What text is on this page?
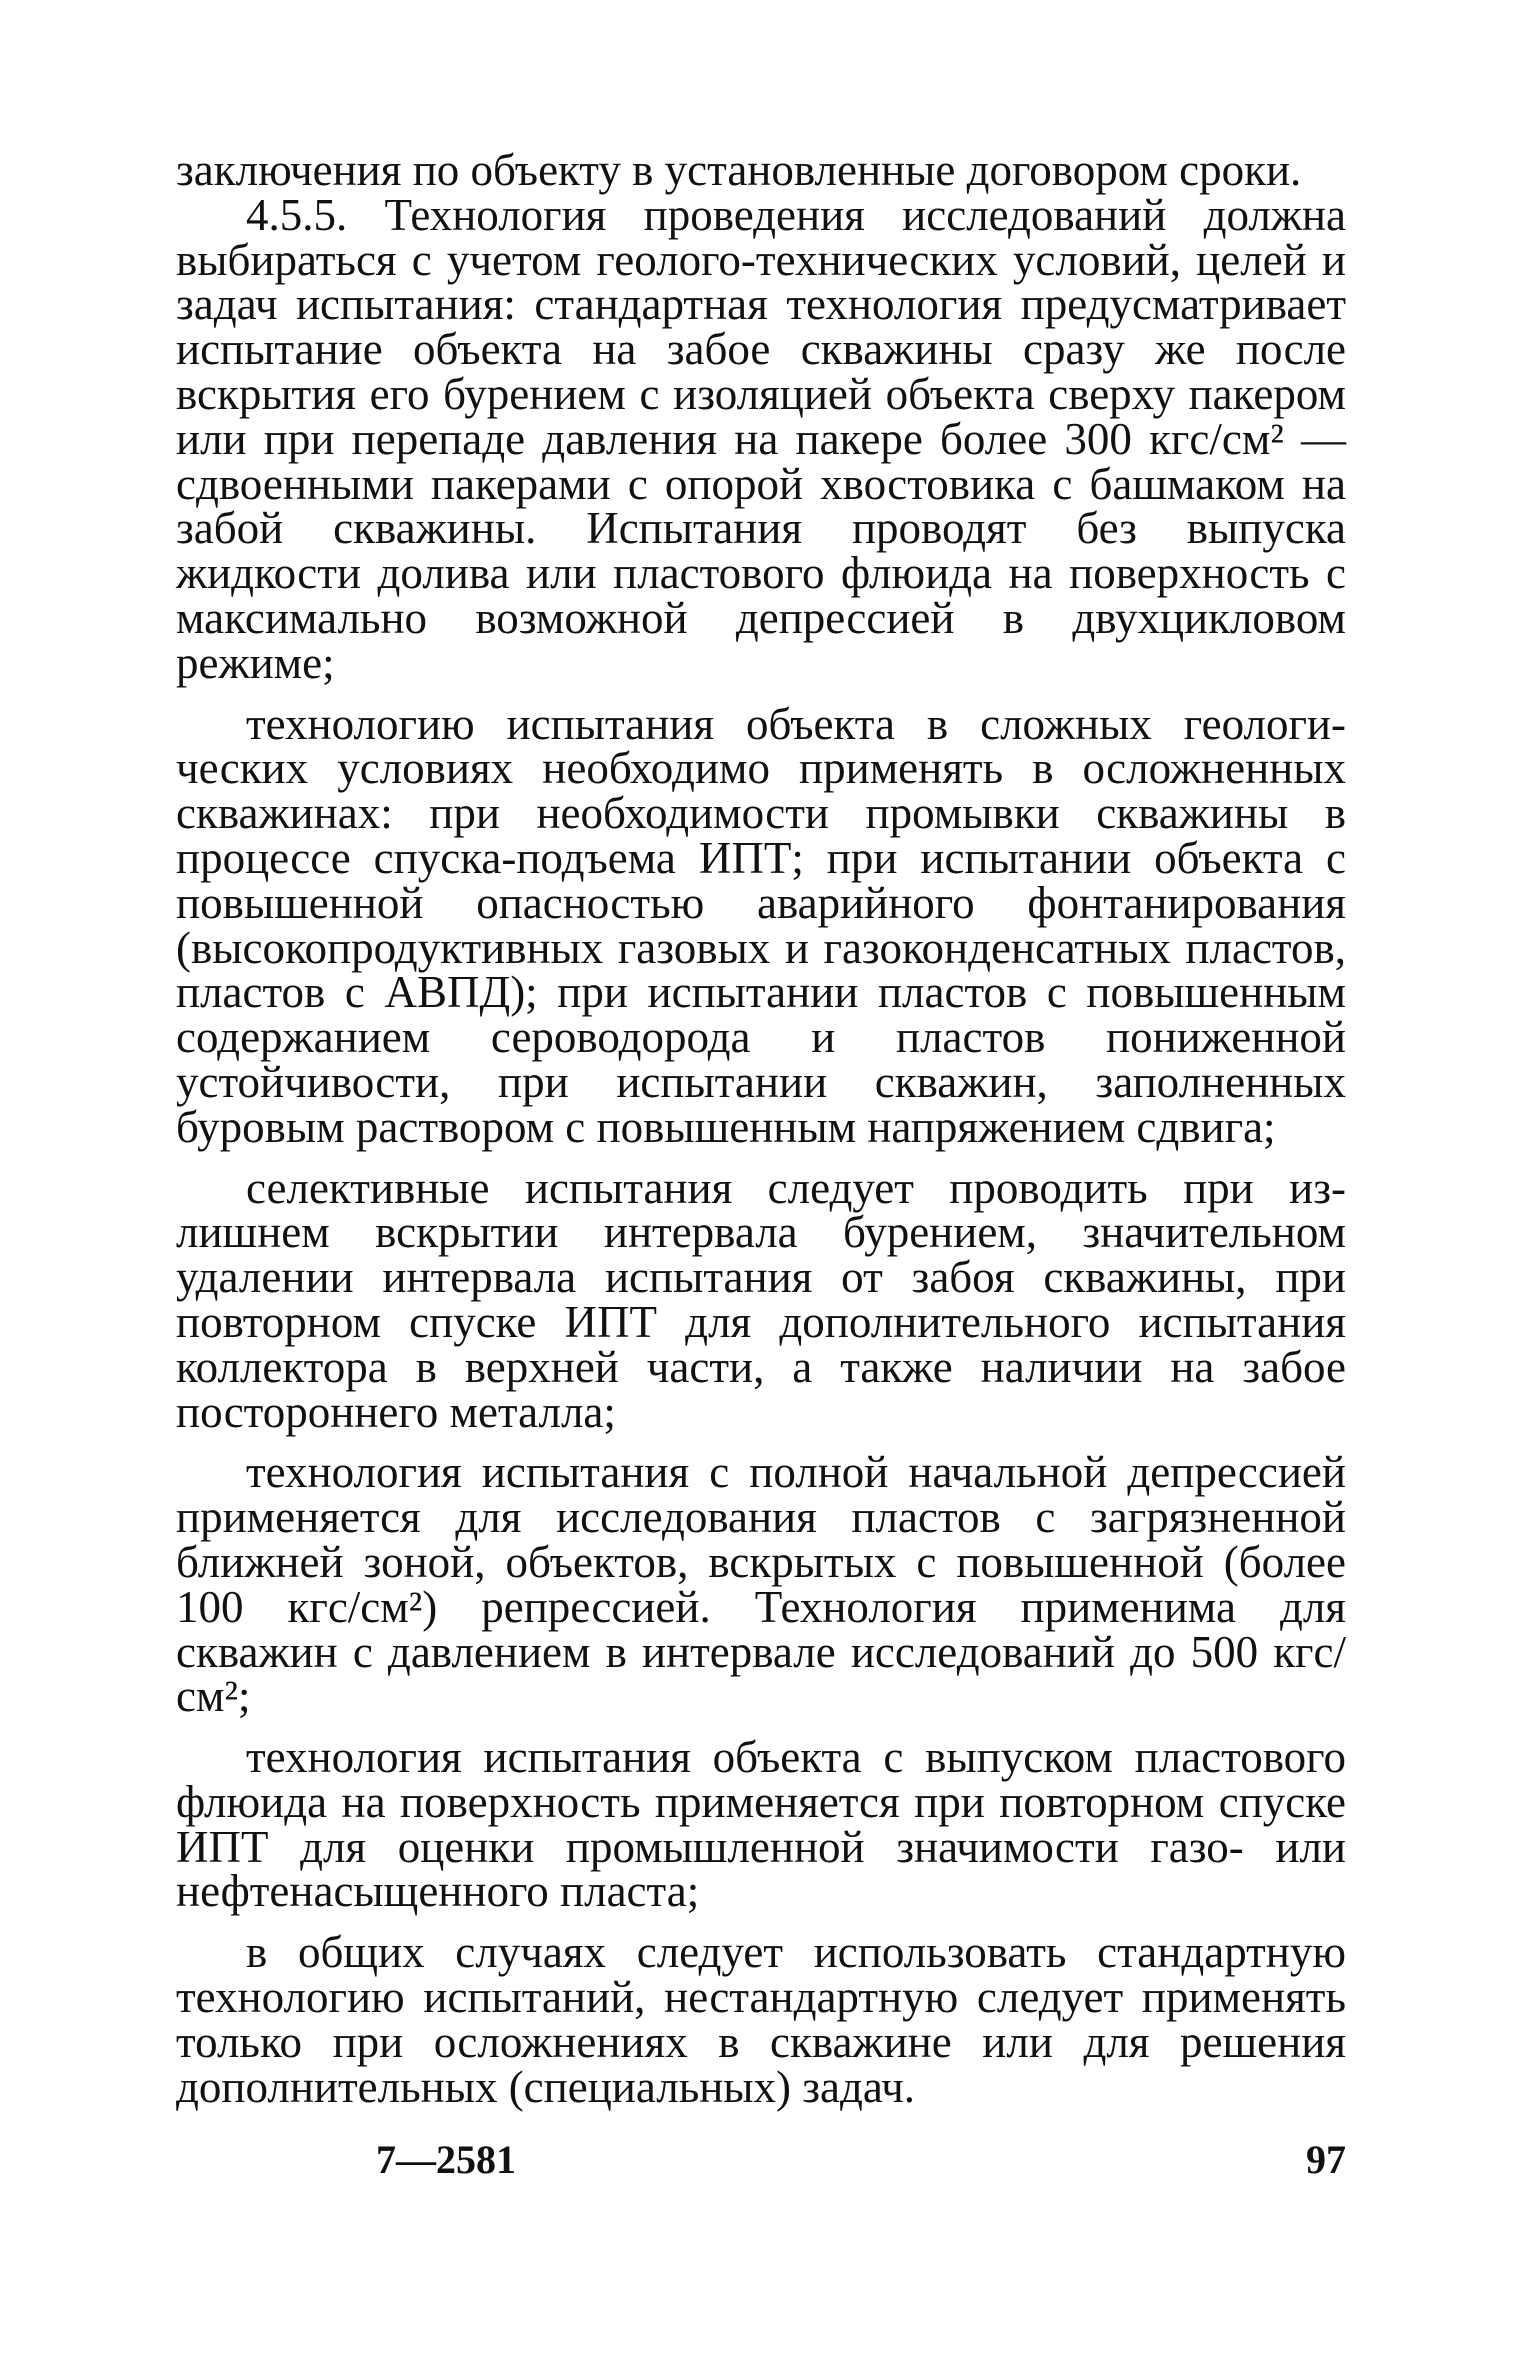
заключения по объекту в установленные договором сроки.

4.5.5. Технология проведения исследований должна выбираться с учетом геолого-технических условий, целей и задач испытания: стандартная технология предусматривает испытание объекта на забое скважины сразу же после вскрытия его бурением с изоляцией объекта сверху пакером или при перепаде давления на пакере более 300 кгс/см² — сдвоенными пакерами с опорой хвостовика с башмаком на забой скважины. Испытания проводят без выпуска жидкости долива или пластового флюида на поверхность с максимально возможной депрессией в двухцикловом режиме;

технологию испытания объекта в сложных геологических условиях необходимо применять в осложненных скважинах: при необходимости промывки скважины в процессе спуска-подъема ИПТ; при испытании объекта с повышенной опасностью аварийного фонтанирования (высокопродуктивных газовых и газоконденсатных пластов, пластов с АВПД); при испытании пластов с повышенным содержанием сероводорода и пластов пониженной устойчивости, при испытании скважин, заполненных буровым раствором с повышенным напряжением сдвига;

селективные испытания следует проводить при излишнем вскрытии интервала бурением, значительном удалении интервала испытания от забоя скважины, при повторном спуске ИПТ для дополнительного испытания коллектора в верхней части, а также наличии на забое постороннего металла;

технология испытания с полной начальной депрессией применяется для исследования пластов с загрязненной ближней зоной, объектов, вскрытых с повышенной (более 100 кгс/см²) репрессией. Технология применима для скважин с давлением в интервале исследований до 500 кгс/см²;

технология испытания объекта с выпуском пластового флюида на поверхность применяется при повторном спуске ИПТ для оценки промышленной значимости газо- или нефтенасыщенного пласта;

в общих случаях следует использовать стандартную технологию испытаний, нестандартную следует применять только при осложнениях в скважине или для решения дополнительных (специальных) задач.

7—2581	97
